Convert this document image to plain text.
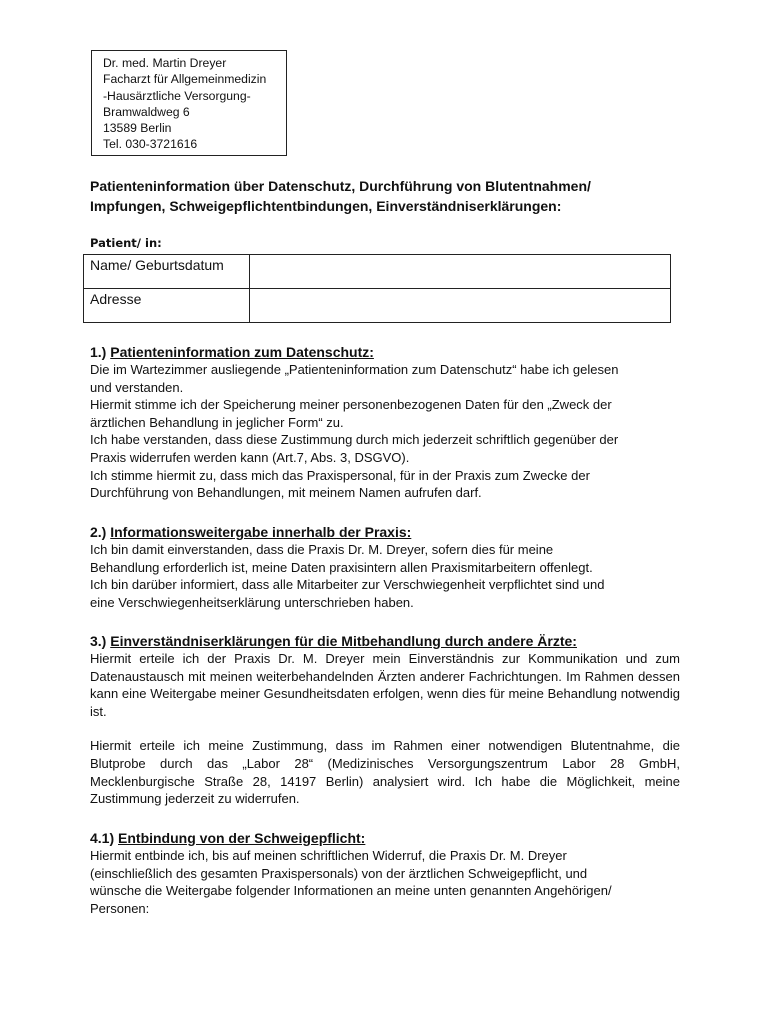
Dr. med. Martin Dreyer
Facharzt für Allgemeinmedizin
-Hausärztliche Versorgung-
Bramwaldweg 6
13589 Berlin
Tel. 030-3721616
Patienteninformation über Datenschutz, Durchführung von Blutentnahmen/
Impfungen, Schweigepflichtentbindungen, Einverständniserklärungen:
Patient/ in:
Name/ Geburtsdatum	
Adresse	
1.) Patienteninformation zum Datenschutz:

Die im Wartezimmer ausliegende „Patienteninformation zum Datenschutz“ habe ich gelesen

und verstanden.

Hiermit stimme ich der Speicherung meiner personenbezogenen Daten für den „Zweck der

ärztlichen Behandlung in jeglicher Form“ zu.

Ich habe verstanden, dass diese Zustimmung durch mich jederzeit schriftlich gegenüber der

Praxis widerrufen werden kann (Art.7, Abs. 3, DSGVO).

Ich stimme hiermit zu, dass mich das Praxispersonal, für in der Praxis zum Zwecke der

Durchführung von Behandlungen, mit meinem Namen aufrufen darf.

2.) Informationsweitergabe innerhalb der Praxis:

Ich bin damit einverstanden, dass die Praxis Dr. M. Dreyer, sofern dies für meine

Behandlung erforderlich ist, meine Daten praxisintern allen Praxismitarbeitern offenlegt.

Ich bin darüber informiert, dass alle Mitarbeiter zur Verschwiegenheit verpflichtet sind und

eine Verschwiegenheitserklärung unterschrieben haben.

3.) Einverständniserklärungen für die Mitbehandlung durch andere Ärzte:

Hiermit erteile ich der Praxis Dr. M. Dreyer mein Einverständnis zur Kommunikation und zum Datenaustausch mit meinen weiterbehandelnden Ärzten anderer Fachrichtungen. Im Rahmen dessen kann eine Weitergabe meiner Gesundheitsdaten erfolgen, wenn dies für meine Behandlung notwendig ist.

Hiermit erteile ich meine Zustimmung, dass im Rahmen einer notwendigen Blutentnahme, die Blutprobe durch das „Labor 28“ (Medizinisches Versorgungszentrum Labor 28 GmbH, Mecklenburgische Straße 28, 14197 Berlin) analysiert wird. Ich habe die Möglichkeit, meine Zustimmung jederzeit zu widerrufen.

4.1) Entbindung von der Schweigepflicht:

Hiermit entbinde ich, bis auf meinen schriftlichen Widerruf, die Praxis Dr. M. Dreyer

(einschließlich des gesamten Praxispersonals) von der ärztlichen Schweigepflicht, und

wünsche die Weitergabe folgender Informationen an meine unten genannten Angehörigen/

Personen:
